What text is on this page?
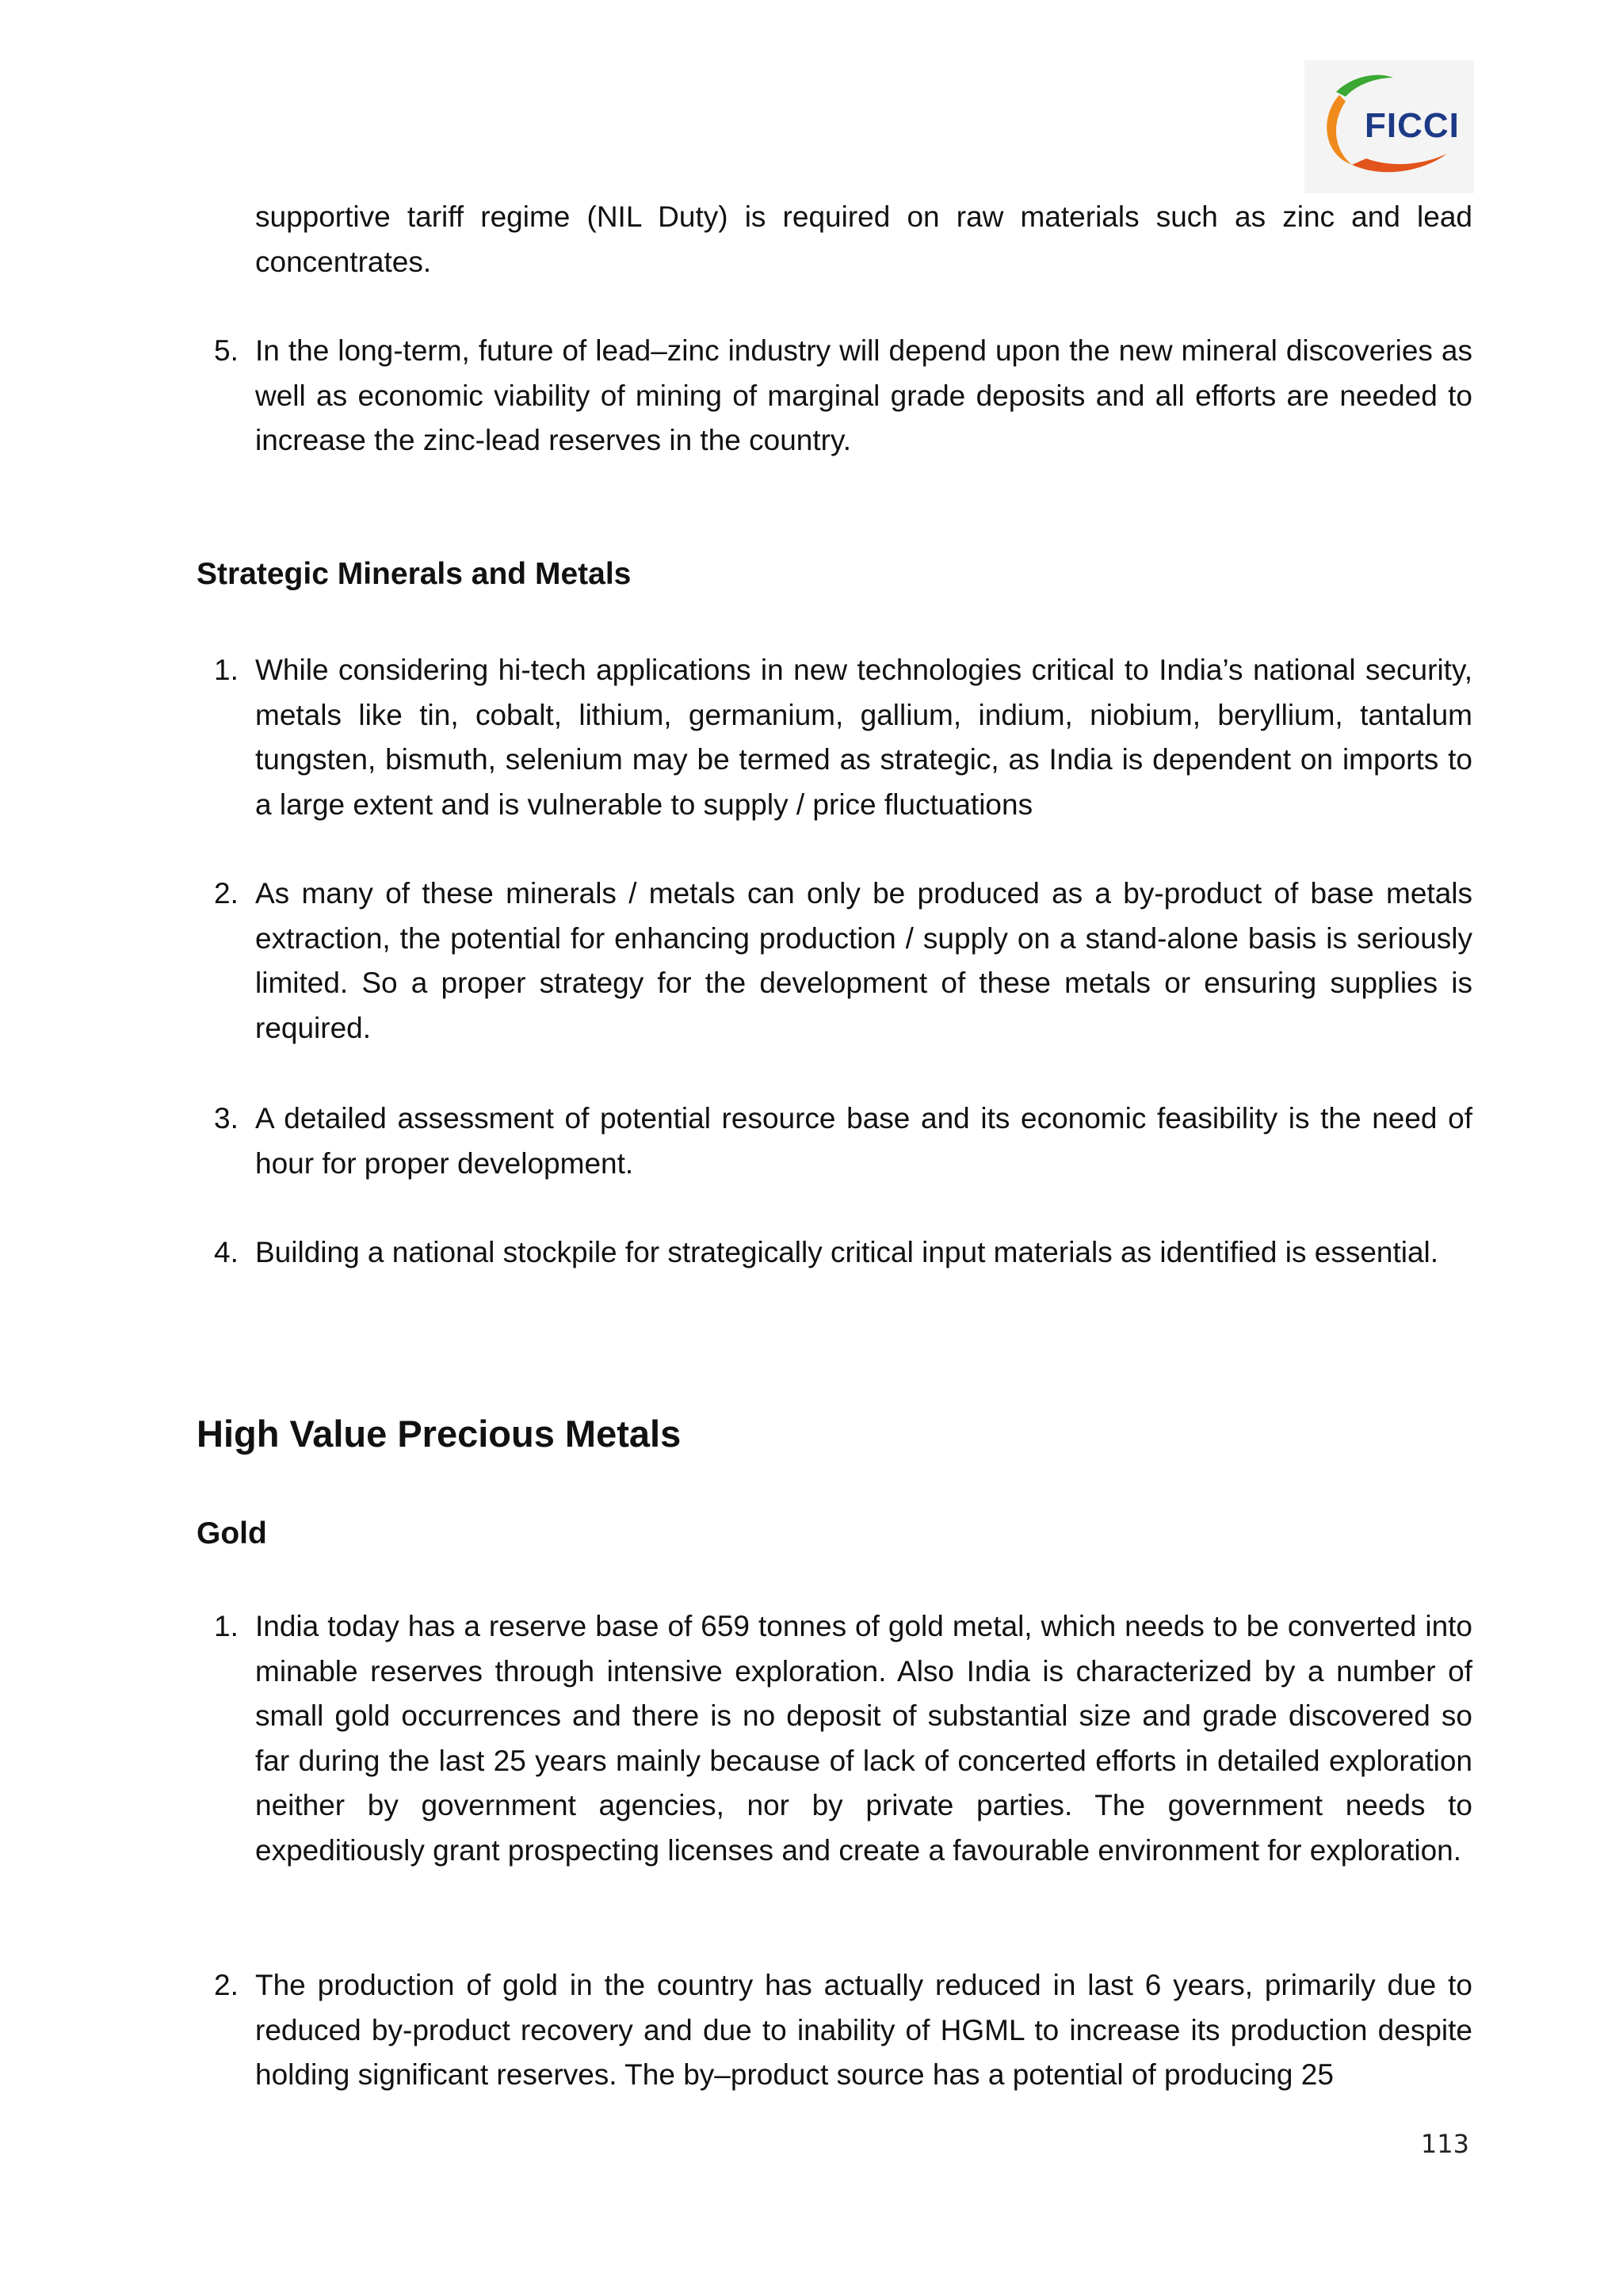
FICCI

supportive tariff regime (NIL Duty) is required on raw materials such as zinc and lead concentrates.

5. In the long-term, future of lead–zinc industry will depend upon the new mineral discoveries as well as economic viability of mining of marginal grade deposits and all efforts are needed to increase the zinc-lead reserves in the country.

Strategic Minerals and Metals
1. While considering hi-tech applications in new technologies critical to India’s national security, metals like tin, cobalt, lithium, germanium, gallium, indium, niobium, beryllium, tantalum tungsten, bismuth, selenium may be termed as strategic, as India is dependent on imports to a large extent and is vulnerable to supply / price fluctuations

2. As many of these minerals / metals can only be produced as a by-product of base metals extraction, the potential for enhancing production / supply on a stand-alone basis is seriously limited. So a proper strategy for the development of these metals or ensuring supplies is required.

3. A detailed assessment of potential resource base and its economic feasibility is the need of hour for proper development.

4. Building a national stockpile for strategically critical input materials as identified is essential.

High Value Precious Metals
Gold
1. India today has a reserve base of 659 tonnes of gold metal, which needs to be converted into minable reserves through intensive exploration. Also India is characterized by a number of small gold occurrences and there is no deposit of substantial size and grade discovered so far during the last 25 years mainly because of lack of concerted efforts in detailed exploration neither by government agencies, nor by private parties. The government needs to expeditiously grant prospecting licenses and create a favourable environment for exploration.

2. The production of gold in the country has actually reduced in last 6 years, primarily due to reduced by-product recovery and due to inability of HGML to increase its production despite holding significant reserves. The by–product source has a potential of producing 25

113
